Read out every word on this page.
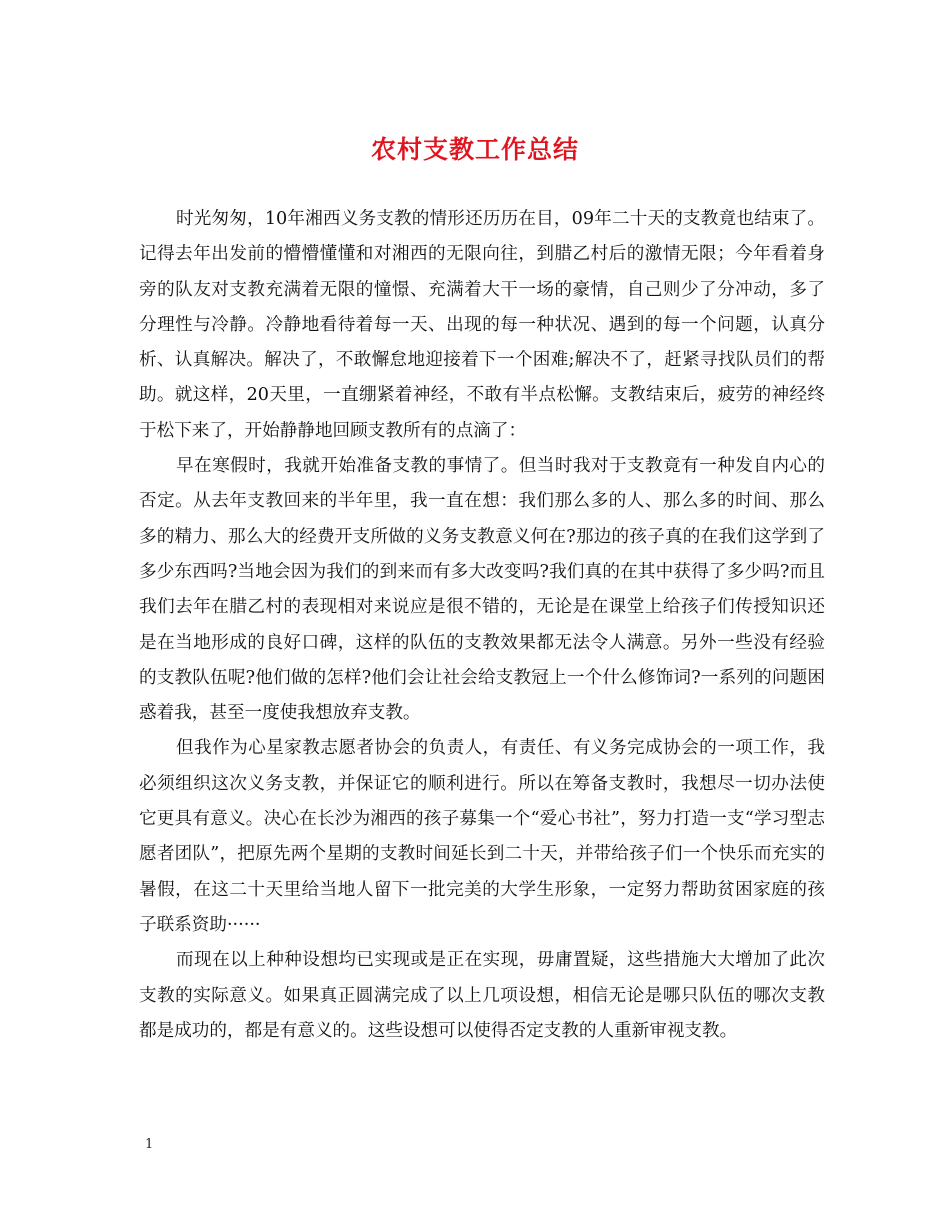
农村支教工作总结

时光匆匆，10年湘西义务支教的情形还历历在目，09年二十天的支教竟也结束了。记得去年出发前的懵懵懂懂和对湘西的无限向往，到腊乙村后的激情无限；今年看着身旁的队友对支教充满着无限的憧憬、充满着大干一场的豪情，自己则少了分冲动，多了分理性与冷静。冷静地看待着每一天、出现的每一种状况、遇到的每一个问题，认真分析、认真解决。解决了，不敢懈怠地迎接着下一个困难;解决不了，赶紧寻找队员们的帮助。就这样，20天里，一直绷紧着神经，不敢有半点松懈。支教结束后，疲劳的神经终于松下来了，开始静静地回顾支教所有的点滴了：

早在寒假时，我就开始准备支教的事情了。但当时我对于支教竟有一种发自内心的否定。从去年支教回来的半年里，我一直在想：我们那么多的人、那么多的时间、那么多的精力、那么大的经费开支所做的义务支教意义何在?那边的孩子真的在我们这学到了多少东西吗?当地会因为我们的到来而有多大改变吗?我们真的在其中获得了多少吗?而且我们去年在腊乙村的表现相对来说应是很不错的，无论是在课堂上给孩子们传授知识还是在当地形成的良好口碑，这样的队伍的支教效果都无法令人满意。另外一些没有经验的支教队伍呢?他们做的怎样?他们会让社会给支教冠上一个什么修饰词?一系列的问题困惑着我，甚至一度使我想放弃支教。

但我作为心星家教志愿者协会的负责人，有责任、有义务完成协会的一项工作，我必须组织这次义务支教，并保证它的顺利进行。所以在筹备支教时，我想尽一切办法使它更具有意义。决心在长沙为湘西的孩子募集一个“爱心书社”，努力打造一支“学习型志愿者团队”，把原先两个星期的支教时间延长到二十天，并带给孩子们一个快乐而充实的暑假，在这二十天里给当地人留下一批完美的大学生形象，一定努力帮助贫困家庭的孩子联系资助······

而现在以上种种设想均已实现或是正在实现，毋庸置疑，这些措施大大增加了此次支教的实际意义。如果真正圆满完成了以上几项设想，相信无论是哪只队伍的哪次支教都是成功的，都是有意义的。这些设想可以使得否定支教的人重新审视支教。

1
